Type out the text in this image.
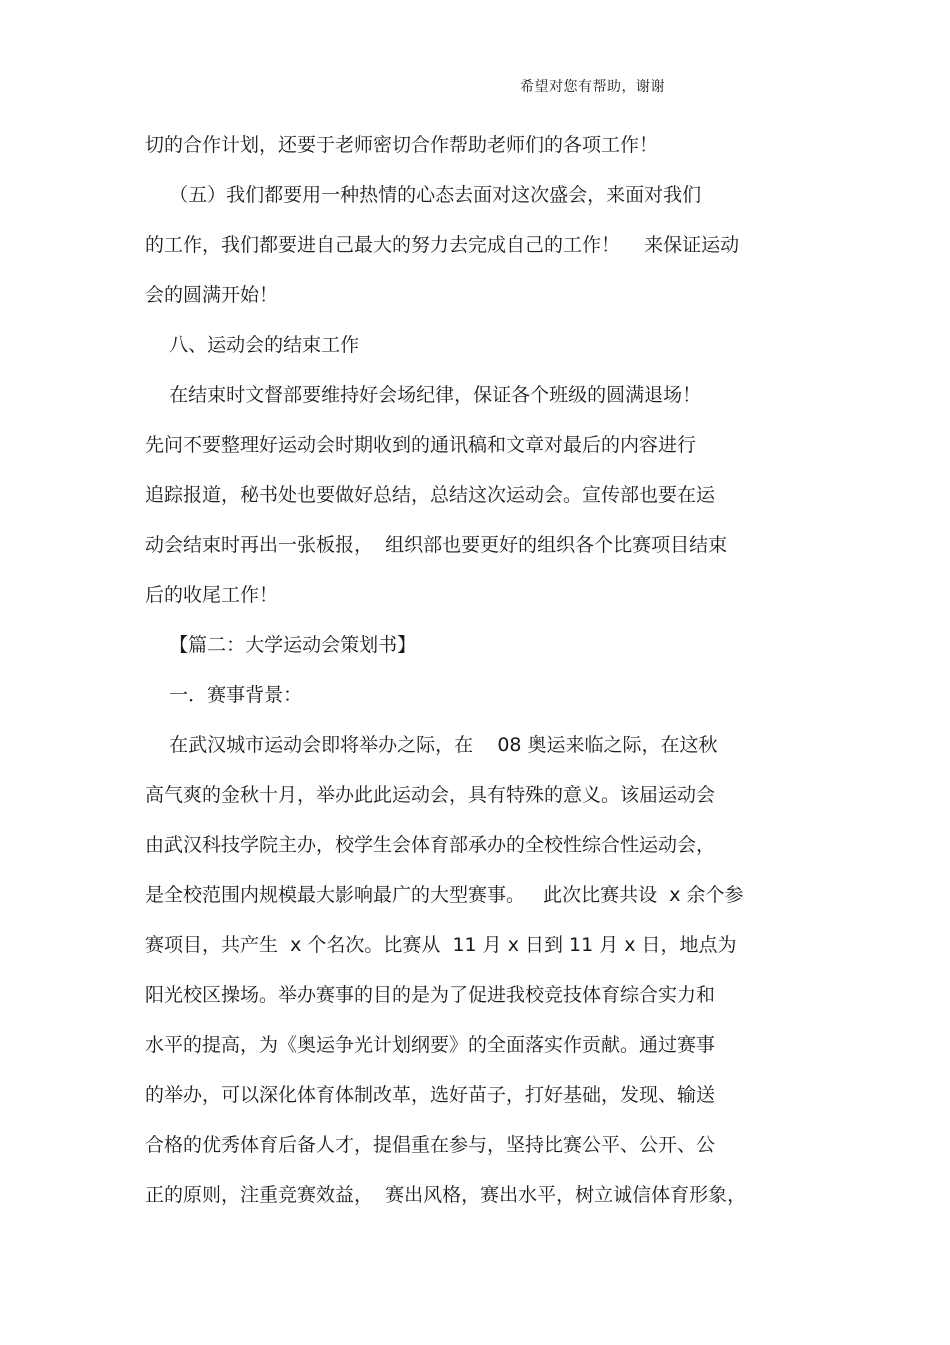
希望对您有帮助，谢谢
切的合作计划，还要于老师密切合作帮助老师们的各项工作！
（五）我们都要用一种热情的心态去面对这次盛会，来面对我们
的工作，我们都要进自己最大的努力去完成自己的工作！    来保证运动
会的圆满开始！
八、运动会的结束工作
在结束时文督部要维持好会场纪律，保证各个班级的圆满退场！
先问不要整理好运动会时期收到的通讯稿和文章对最后的内容进行
追踪报道，秘书处也要做好总结，总结这次运动会。宣传部也要在运
动会结束时再出一张板报，  组织部也要更好的组织各个比赛项目结束
后的收尾工作！
【篇二：大学运动会策划书】
一．赛事背景：
在武汉城市运动会即将举办之际，在    08 奥运来临之际，在这秋
高气爽的金秋十月，举办此此运动会，具有特殊的意义。该届运动会
由武汉科技学院主办，校学生会体育部承办的全校性综合性运动会，
是全校范围内规模最大影响最广的大型赛事。   此次比赛共设  x 余个参
赛项目，共产生  x 个名次。比赛从  11 月 x 日到 11 月 x 日，地点为
阳光校区操场。举办赛事的目的是为了促进我校竞技体育综合实力和
水平的提高，为《奥运争光计划纲要》的全面落实作贡献。通过赛事
的举办，可以深化体育体制改革，选好苗子，打好基础，发现、输送
合格的优秀体育后备人才，提倡重在参与，坚持比赛公平、公开、公
正的原则，注重竞赛效益，  赛出风格，赛出水平，树立诚信体育形象，
